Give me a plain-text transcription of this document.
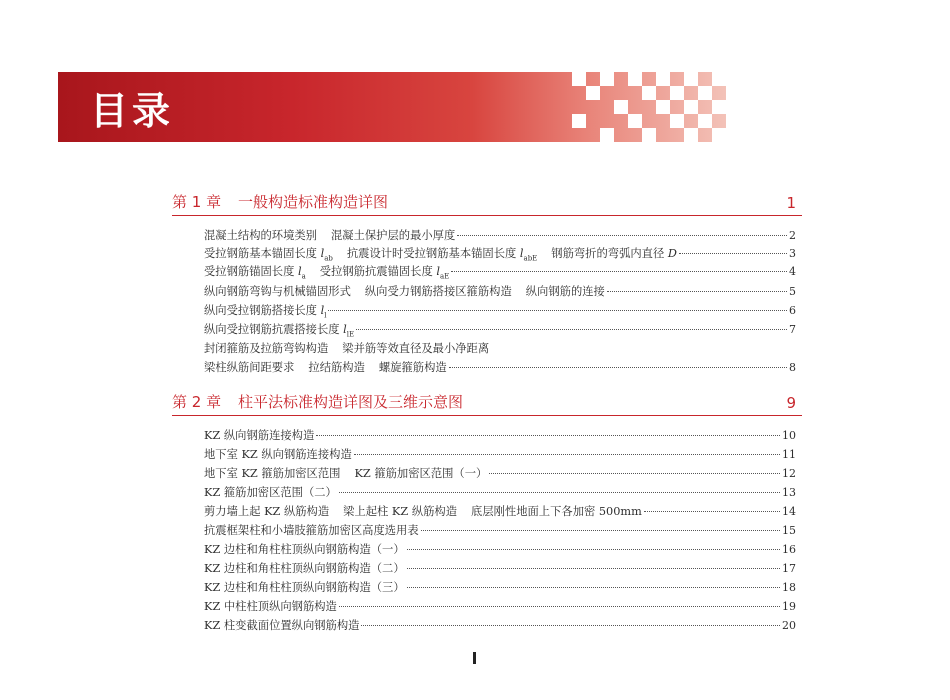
目录
第 1 章 一般构造标准构造详图	1
混凝土结构的环境类别 混凝土保护层的最小厚度	2
受拉钢筋基本锚固长度 $l_{ab}$ 抗震设计时受拉钢筋基本锚固长度 $l_{abE}$ 钢筋弯折的弯弧内直径 D	3
受拉钢筋锚固长度 $l_a$ 受拉钢筋抗震锚固长度 $l_{aE}$	4
纵向钢筋弯钩与机械锚固形式 纵向受力钢筋搭接区箍筋构造 纵向钢筋的连接	5
纵向受拉钢筋搭接长度 $l_l$	6
纵向受拉钢筋抗震搭接长度 $l_{lE}$	7
封闭箍筋及拉筋弯钩构造 梁并筋等效直径及最小净距离
梁柱纵筋间距要求 拉结筋构造 螺旋箍筋构造	8
第 2 章 柱平法标准构造详图及三维示意图	9
KZ 纵向钢筋连接构造	10
地下室 KZ 纵向钢筋连接构造	11
地下室 KZ 箍筋加密区范围 KZ 箍筋加密区范围（一）	12
KZ 箍筋加密区范围（二）	13
剪力墙上起 KZ 纵筋构造 梁上起柱 KZ 纵筋构造 底层刚性地面上下各加密 500mm	14
抗震框架柱和小墙肢箍筋加密区高度选用表	15
KZ 边柱和角柱柱顶纵向钢筋构造（一）	16
KZ 边柱和角柱柱顶纵向钢筋构造（二）	17
KZ 边柱和角柱柱顶纵向钢筋构造（三）	18
KZ 中柱柱顶纵向钢筋构造	19
KZ 柱变截面位置纵向钢筋构造	20
